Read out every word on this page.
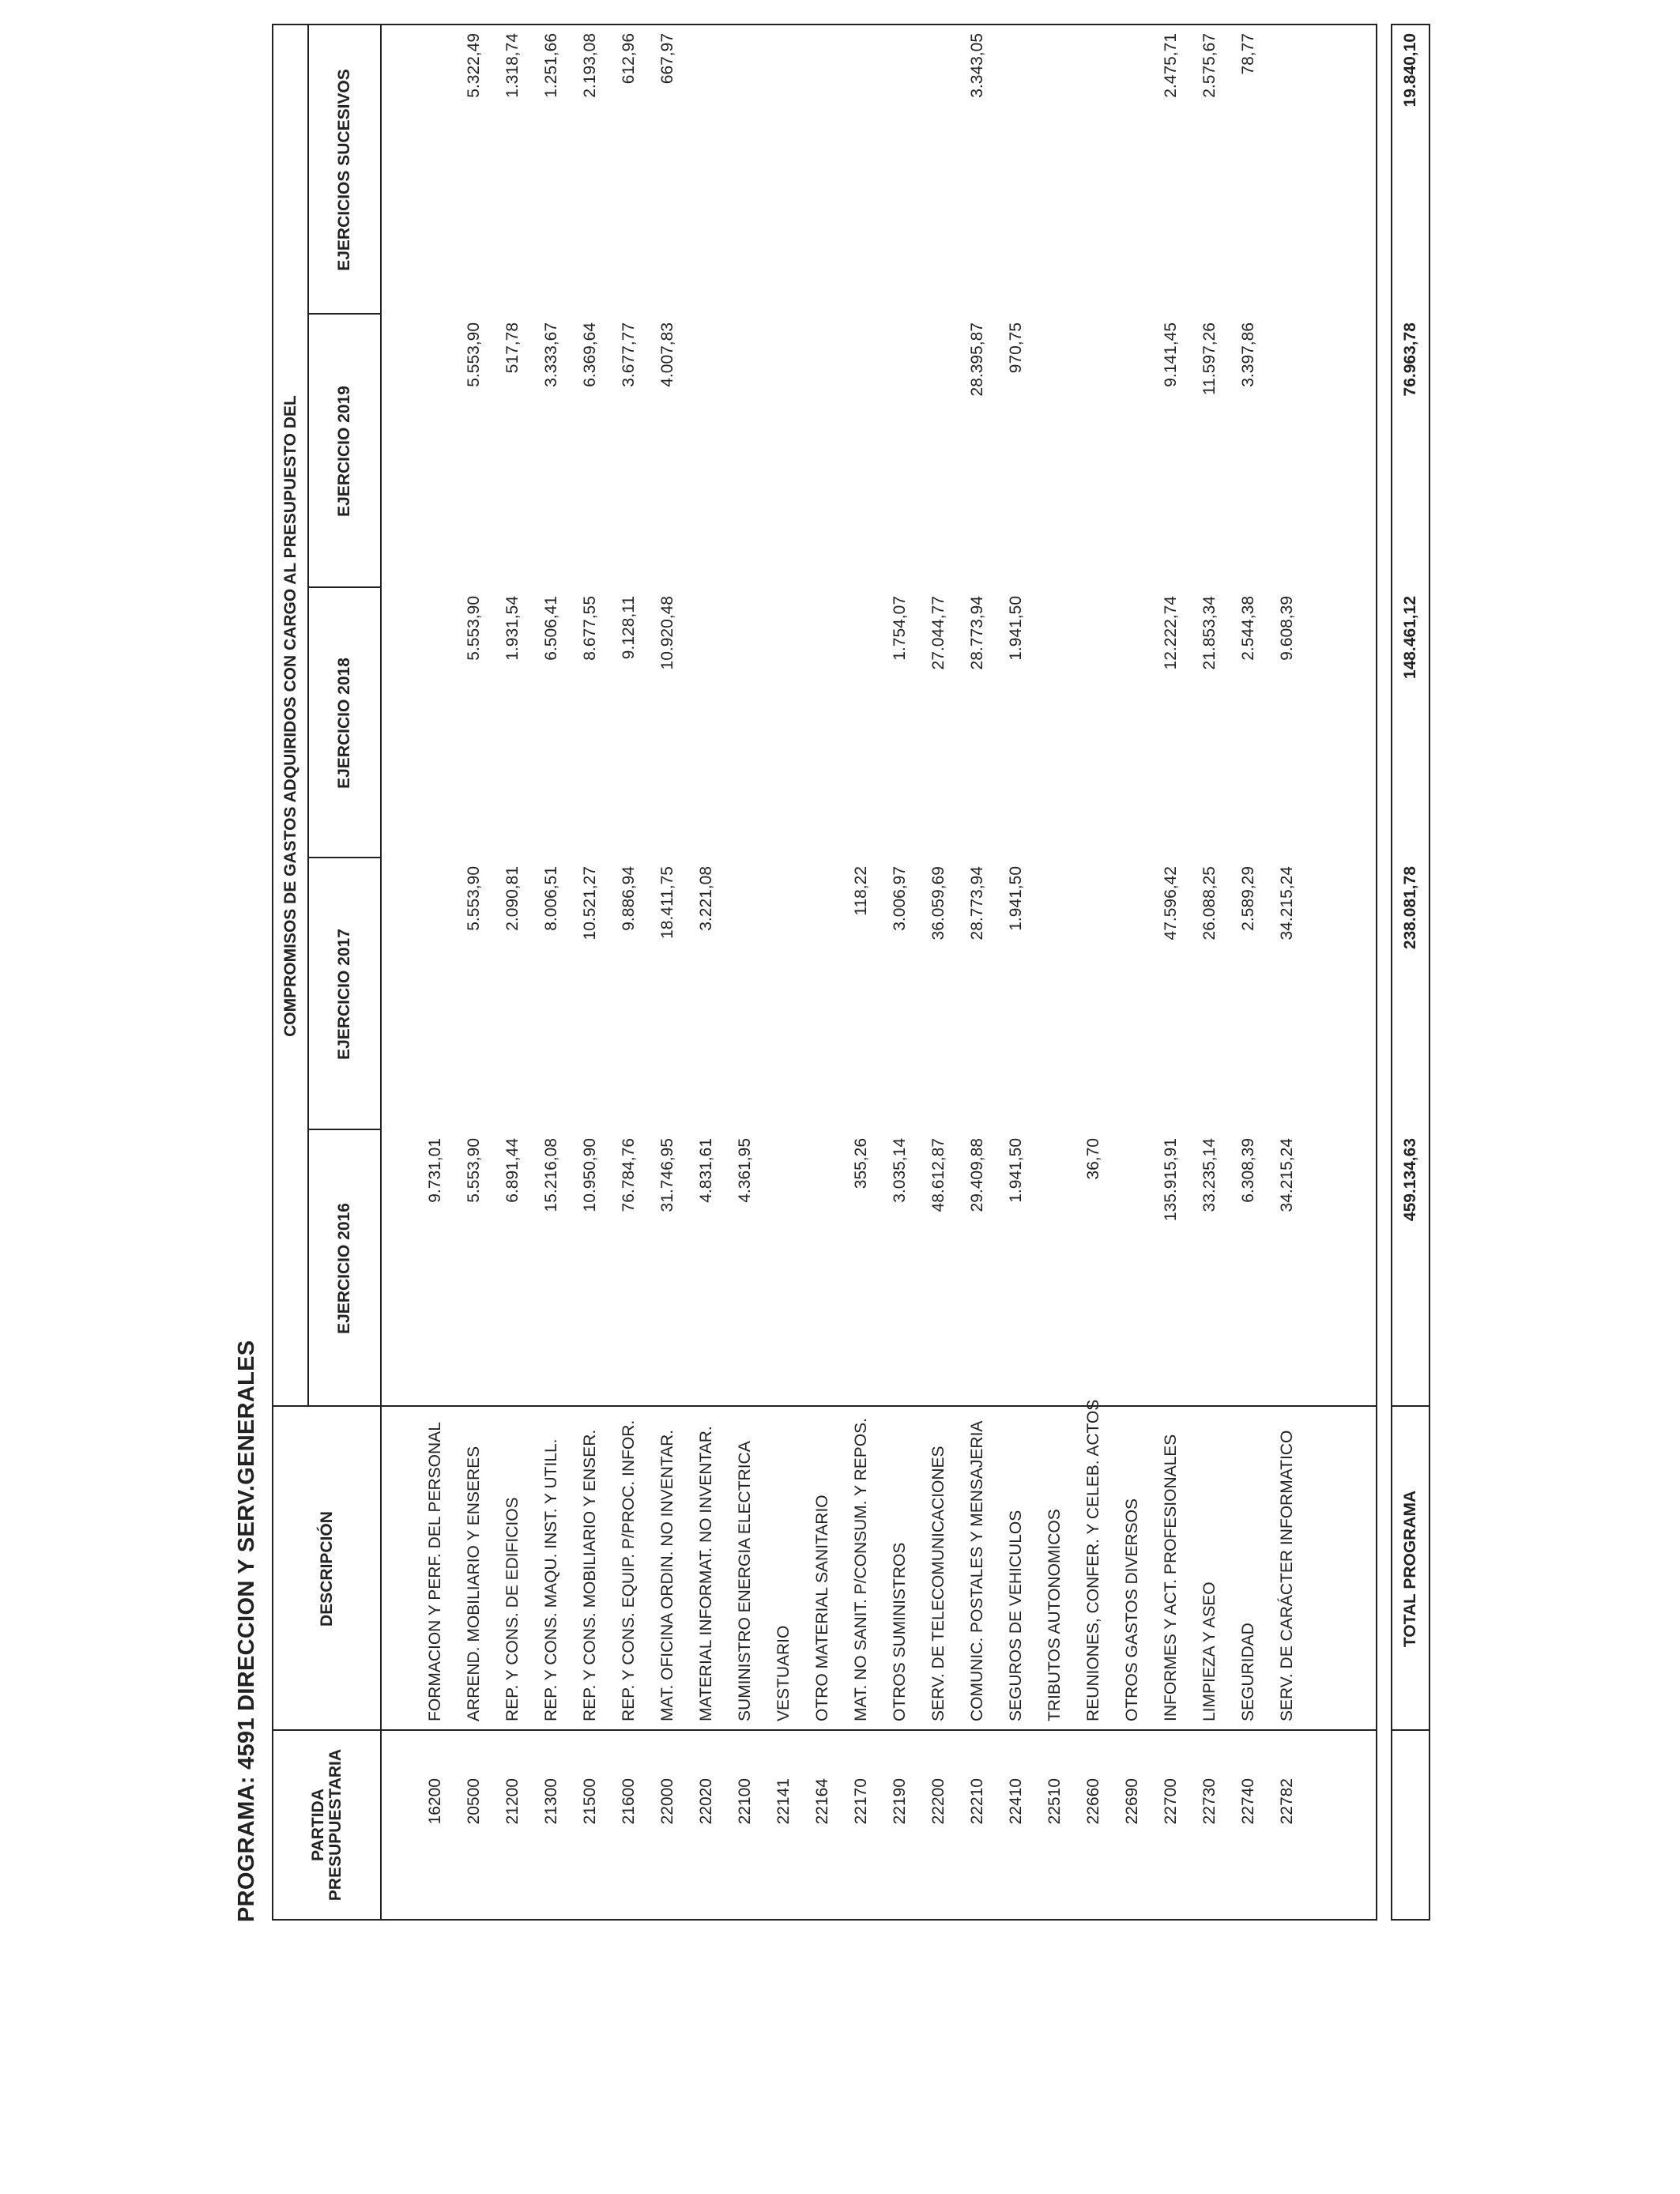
PROGRAMA: 4591 DIRECCION Y SERV.GENERALES	PARTIDA PRESUPUESTARIA
DESCRIPCIÓN
COMPROMISOS DE GASTOS ADQUIRIDOS CON CARGO AL PRESUPUESTO DEL
EJERCICIO 2016
EJERCICIO 2017
EJERCICIO 2018
EJERCICIO 2019
EJERCICIOS SUCESIVOS
16200
FORMACION Y PERF. DEL PERSONAL
9.731,01
20500
ARREND. MOBILIARIO Y ENSERES
5.553,90
5.553,90
5.553,90
5.553,90
5.322,49
21200
REP. Y CONS. DE EDIFICIOS
6.891,44
2.090,81
1.931,54
517,78
1.318,74
21300
REP. Y CONS. MAQU. INST. Y UTILL.
15.216,08
8.006,51
6.506,41
3.333,67
1.251,66
21500
REP. Y CONS. MOBILIARIO Y ENSER.
10.950,90
10.521,27
8.677,55
6.369,64
2.193,08
21600
REP. Y CONS. EQUIP. P/PROC. INFOR.
76.784,76
9.886,94
9.128,11
3.677,77
612,96
22000
MAT. OFICINA ORDIN. NO INVENTAR.
31.746,95
18.411,75
10.920,48
4.007,83
667,97
22020
MATERIAL INFORMAT. NO INVENTAR.
4.831,61
3.221,08
22100
SUMINISTRO ENERGIA ELECTRICA
4.361,95
22141
VESTUARIO
22164
OTRO MATERIAL SANITARIO
22170
MAT. NO SANIT. P/CONSUM. Y REPOS.
355,26
118,22
22190
OTROS SUMINISTROS
3.035,14
3.006,97
1.754,07
22200
SERV. DE TELECOMUNICACIONES
48.612,87
36.059,69
27.044,77
22210
COMUNIC. POSTALES Y MENSAJERIA
29.409,88
28.773,94
28.773,94
28.395,87
3.343,05
22410
SEGUROS DE VEHICULOS
1.941,50
1.941,50
1.941,50
970,75
22510
TRIBUTOS AUTONOMICOS
22660
REUNIONES, CONFER. Y CELEB. ACTOS
36,70
22690
OTROS GASTOS DIVERSOS
22700
INFORMES Y ACT. PROFESIONALES
135.915,91
47.596,42
12.222,74
9.141,45
2.475,71
22730
LIMPIEZA Y ASEO
33.235,14
26.088,25
21.853,34
11.597,26
2.575,67
22740
SEGURIDAD
6.308,39
2.589,29
2.544,38
3.397,86
78,77
22782
SERV. DE CARÁCTER INFORMATICO
34.215,24
34.215,24
9.608,39
TOTAL PROGRAMA
459.134,63
238.081,78
148.461,12
76.963,78
19.840,10
